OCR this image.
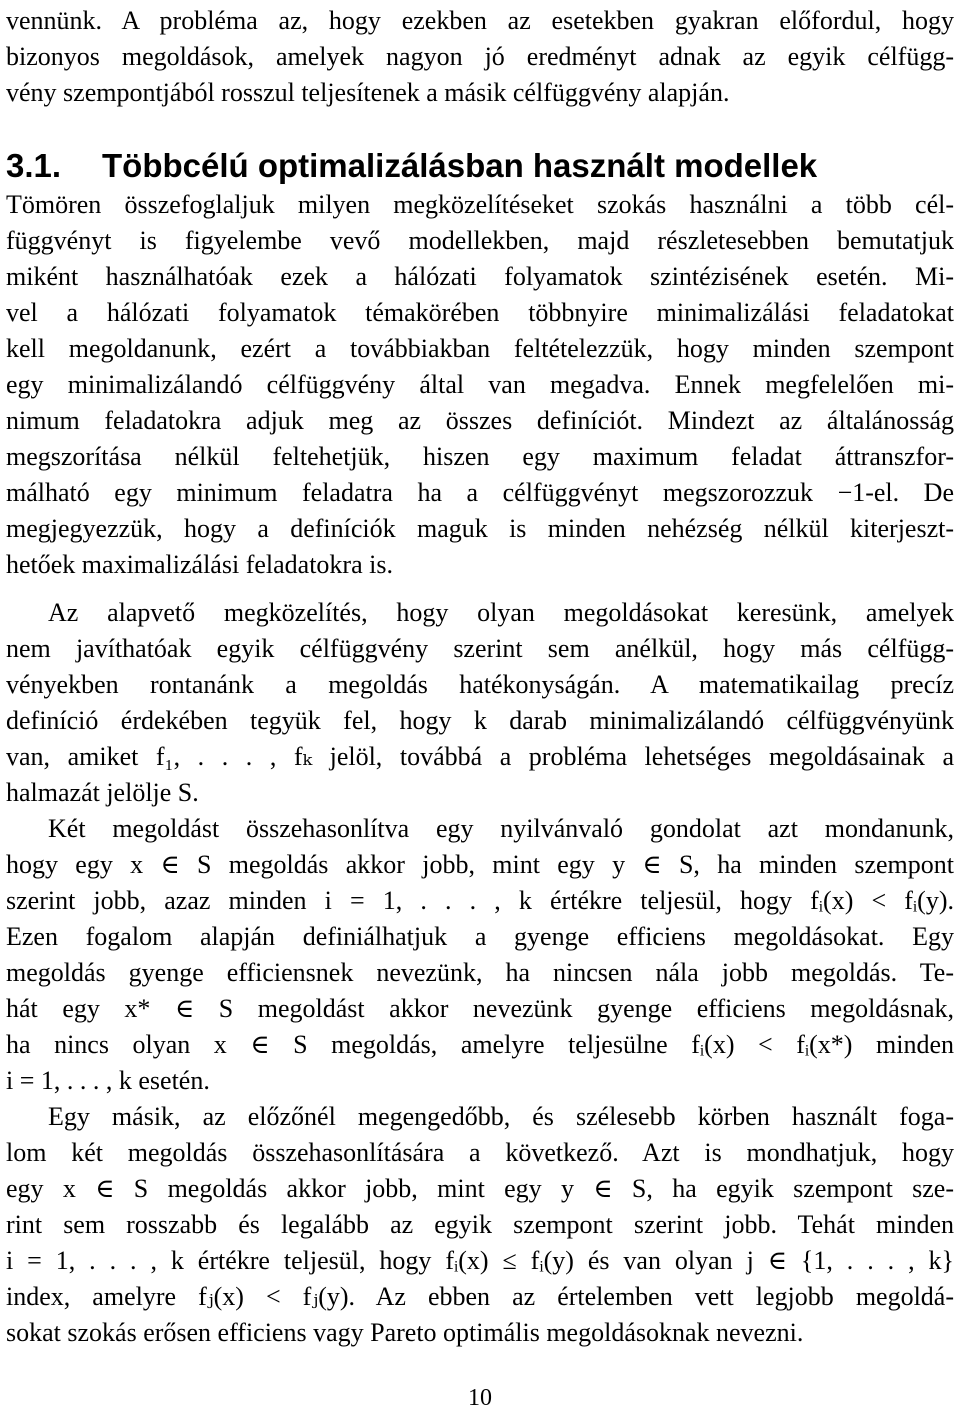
vennünk. A probléma az, hogy ezekben az esetekben gyakran előfordul, hogy
bizonyos megoldások, amelyek nagyon jó eredményt adnak az egyik célfügg-
vény szempontjából rosszul teljesítenek a másik célfüggvény alapján.
3.1. Többcélú optimalizálásban használt modellek
Tömören összefoglaljuk milyen megközelítéseket szokás használni a több cél-
függvényt is figyelembe vevő modellekben, majd részletesebben bemutatjuk
miként használhatóak ezek a hálózati folyamatok szintézisének esetén. Mi-
vel a hálózati folyamatok témakörében többnyire minimalizálási feladatokat
kell megoldanunk, ezért a továbbiakban feltételezzük, hogy minden szempont
egy minimalizálandó célfüggvény által van megadva. Ennek megfelelően mi-
nimum feladatokra adjuk meg az összes definíciót. Mindezt az általánosság
megszorítása nélkül feltehetjük, hiszen egy maximum feladat áttranszfor-
málható egy minimum feladatra ha a célfüggvényt megszorozzuk −1-el. De
megjegyezzük, hogy a definíciók maguk is minden nehézség nélkül kiterjeszt-
hetőek maximalizálási feladatokra is.
Az alapvető megközelítés, hogy olyan megoldásokat keresünk, amelyek
nem javíthatóak egyik célfüggvény szerint sem anélkül, hogy más célfügg-
vényekben rontanánk a megoldás hatékonyságán. A matematikailag precíz
definíció érdekében tegyük fel, hogy k darab minimalizálandó célfüggvényünk
van, amiket f₁, . . . , fₖ jelöl, továbbá a probléma lehetséges megoldásainak a
halmazát jelölje S.
Két megoldást összehasonlítva egy nyilvánvaló gondolat azt mondanunk,
hogy egy x ∈ S megoldás akkor jobb, mint egy y ∈ S, ha minden szempont
szerint jobb, azaz minden i = 1, . . . , k értékre teljesül, hogy fᵢ(x) < fᵢ(y).
Ezen fogalom alapján definiálhatjuk a gyenge efficiens megoldásokat. Egy
megoldás gyenge efficiensnek nevezünk, ha nincsen nála jobb megoldás. Te-
hát egy x* ∈ S megoldást akkor nevezünk gyenge efficiens megoldásnak,
ha nincs olyan x ∈ S megoldás, amelyre teljesülne fᵢ(x) < fᵢ(x*) minden
i = 1, . . . , k esetén.
Egy másik, az előzőnél megengedőbb, és szélesebb körben használt foga-
lom két megoldás összehasonlítására a következő. Azt is mondhatjuk, hogy
egy x ∈ S megoldás akkor jobb, mint egy y ∈ S, ha egyik szempont sze-
rint sem rosszabb és legalább az egyik szempont szerint jobb. Tehát minden
i = 1, . . . , k értékre teljesül, hogy fᵢ(x) ≤ fᵢ(y) és van olyan j ∈ {1, . . . , k}
index, amelyre fⱼ(x) < fⱼ(y). Az ebben az értelemben vett legjobb megoldá-
sokat szokás erősen efficiens vagy Pareto optimális megoldásoknak nevezni.
10
